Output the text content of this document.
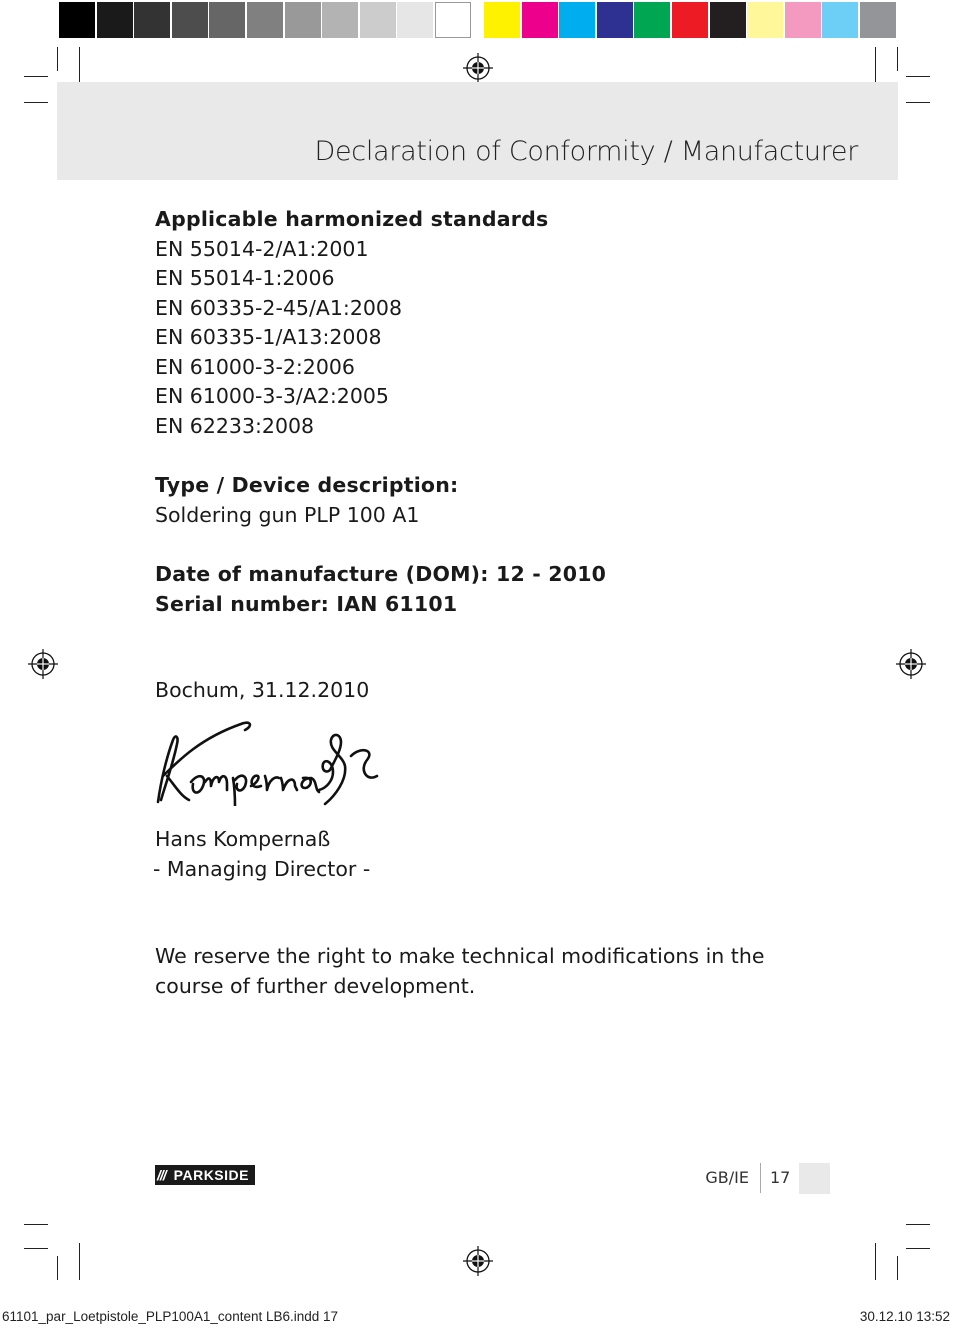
Declaration of Conformity / Manufacturer
Applicable harmonized standards
EN 55014-2/A1:2001
EN 55014-1:2006
EN 60335-2-45/A1:2008
EN 60335-1/A13:2008
EN 61000-3-2:2006
EN 61000-3-3/A2:2005
EN 62233:2008
Type / Device description:
Soldering gun PLP 100 A1
Date of manufacture (DOM): 12 - 2010
Serial number: IAN 61101
Bochum, 31.12.2010
Hans Kompernaß
- Managing Director -
We reserve the right to make technical modifications in the course of further development.
/// PARKSIDE	GB/IE 17
61101_par_Loetpistole_PLP100A1_content LB6.indd 17	30.12.10 13:52
